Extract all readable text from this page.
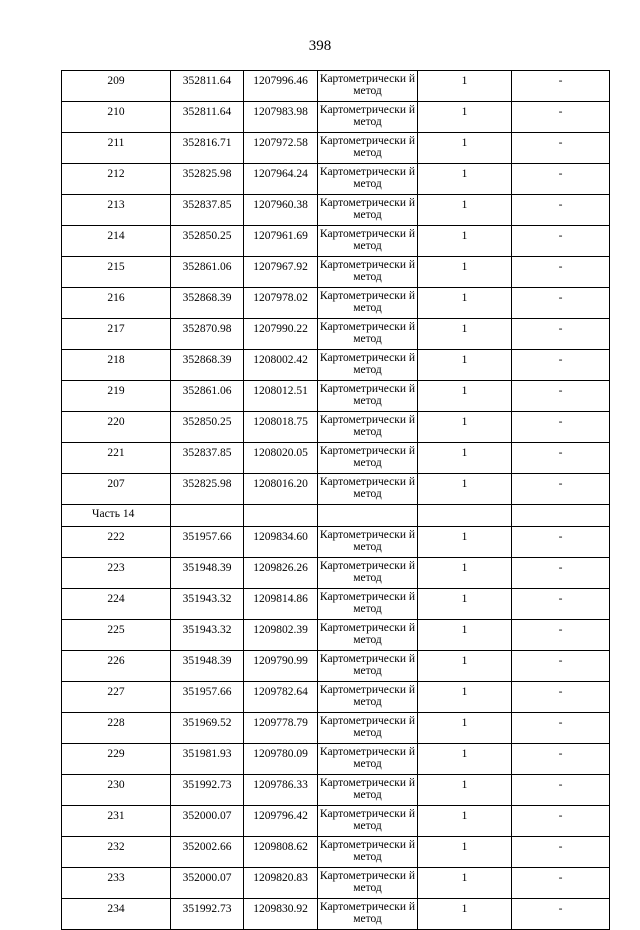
398
209	352811.64	1207996.46	Картометрически й метод	1	-
210	352811.64	1207983.98	Картометрически й метод	1	-
211	352816.71	1207972.58	Картометрически й метод	1	-
212	352825.98	1207964.24	Картометрически й метод	1	-
213	352837.85	1207960.38	Картометрически й метод	1	-
214	352850.25	1207961.69	Картометрически й метод	1	-
215	352861.06	1207967.92	Картометрически й метод	1	-
216	352868.39	1207978.02	Картометрически й метод	1	-
217	352870.98	1207990.22	Картометрически й метод	1	-
218	352868.39	1208002.42	Картометрически й метод	1	-
219	352861.06	1208012.51	Картометрически й метод	1	-
220	352850.25	1208018.75	Картометрически й метод	1	-
221	352837.85	1208020.05	Картометрически й метод	1	-
207	352825.98	1208016.20	Картометрически й метод	1	-
Часть 14					
222	351957.66	1209834.60	Картометрически й метод	1	-
223	351948.39	1209826.26	Картометрически й метод	1	-
224	351943.32	1209814.86	Картометрически й метод	1	-
225	351943.32	1209802.39	Картометрически й метод	1	-
226	351948.39	1209790.99	Картометрически й метод	1	-
227	351957.66	1209782.64	Картометрически й метод	1	-
228	351969.52	1209778.79	Картометрически й метод	1	-
229	351981.93	1209780.09	Картометрически й метод	1	-
230	351992.73	1209786.33	Картометрически й метод	1	-
231	352000.07	1209796.42	Картометрически й метод	1	-
232	352002.66	1209808.62	Картометрически й метод	1	-
233	352000.07	1209820.83	Картометрически й метод	1	-
234	351992.73	1209830.92	Картометрически й метод	1	-
